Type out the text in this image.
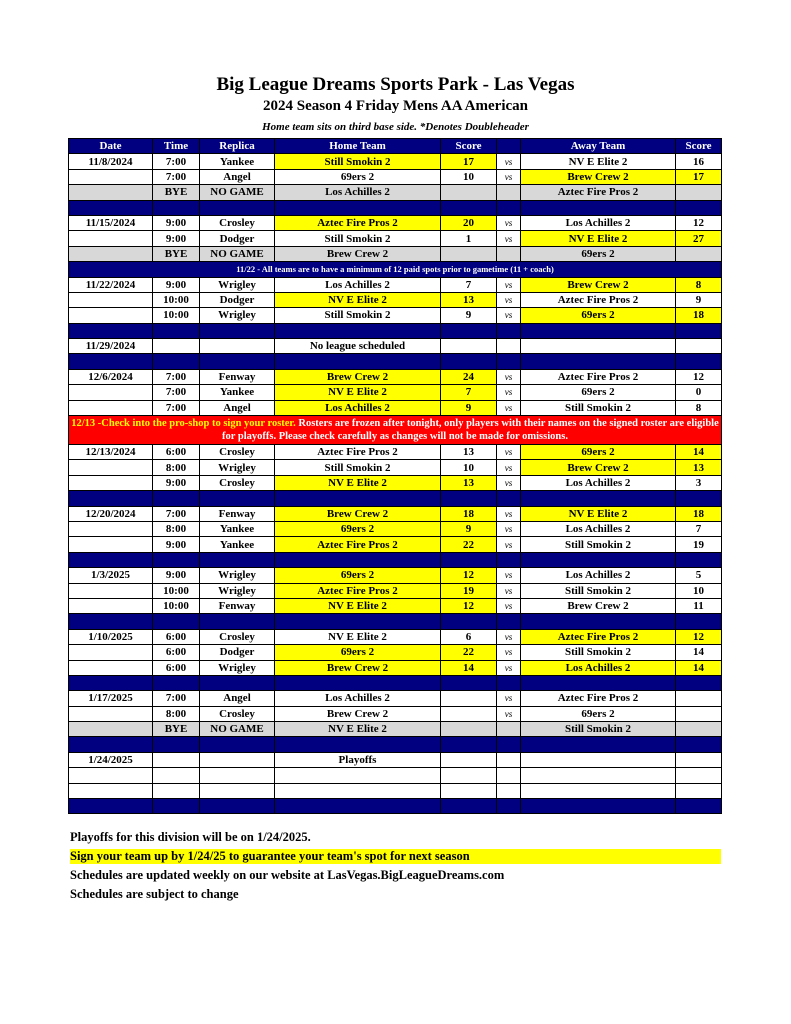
Big League Dreams Sports Park - Las Vegas
2024 Season 4 Friday Mens AA American
Home team sits on third base side. *Denotes Doubleheader
Date	Time	Replica	Home Team	Score		Away Team	Score
11/8/2024	7:00	Yankee	Still Smokin 2	17	vs	NV E Elite 2	16
	7:00	Angel	69ers 2	10	vs	Brew Crew 2	17
	BYE	NO GAME	Los Achilles 2			Aztec Fire Pros 2	

11/15/2024	9:00	Crosley	Aztec Fire Pros 2	20	vs	Los Achilles 2	12
	9:00	Dodger	Still Smokin 2	1	vs	NV E Elite 2	27
	BYE	NO GAME	Brew Crew 2			69ers 2	
11/22 - All teams are to have a minimum of 12 paid spots prior to gametime (11 + coach)							
11/22/2024	9:00	Wrigley	Los Achilles 2	7	vs	Brew Crew 2	8
	10:00	Dodger	NV E Elite 2	13	vs	Aztec Fire Pros 2	9
	10:00	Wrigley	Still Smokin 2	9	vs	69ers 2	18

11/29/2024			No league scheduled				

12/6/2024	7:00	Fenway	Brew Crew 2	24	vs	Aztec Fire Pros 2	12
	7:00	Yankee	NV E Elite 2	7	vs	69ers 2	0
	7:00	Angel	Los Achilles 2	9	vs	Still Smokin 2	8
12/13 -Check into the pro-shop to sign your roster. Rosters are frozen after tonight, only players with their names on the signed roster are eligible for playoffs. Please check carefully as changes will not be made for omissions.							
12/13/2024	6:00	Crosley	Aztec Fire Pros 2	13	vs	69ers 2	14
	8:00	Wrigley	Still Smokin 2	10	vs	Brew Crew 2	13
	9:00	Crosley	NV E Elite 2	13	vs	Los Achilles 2	3

12/20/2024	7:00	Fenway	Brew Crew 2	18	vs	NV E Elite 2	18
	8:00	Yankee	69ers 2	9	vs	Los Achilles 2	7
	9:00	Yankee	Aztec Fire Pros 2	22	vs	Still Smokin 2	19

1/3/2025	9:00	Wrigley	69ers 2	12	vs	Los Achilles 2	5
	10:00	Wrigley	Aztec Fire Pros 2	19	vs	Still Smokin 2	10
	10:00	Fenway	NV E Elite 2	12	vs	Brew Crew 2	11

1/10/2025	6:00	Crosley	NV E Elite 2	6	vs	Aztec Fire Pros 2	12
	6:00	Dodger	69ers 2	22	vs	Still Smokin 2	14
	6:00	Wrigley	Brew Crew 2	14	vs	Los Achilles 2	14

1/17/2025	7:00	Angel	Los Achilles 2		vs	Aztec Fire Pros 2	
	8:00	Crosley	Brew Crew 2		vs	69ers 2	
	BYE	NO GAME	NV E Elite 2			Still Smokin 2	

1/24/2025			Playoffs				

Playoffs for this division will be on 1/24/2025.
Sign your team up by 1/24/25 to guarantee your team's spot for next season
Schedules are updated weekly on our website at LasVegas.BigLeagueDreams.com
Schedules are subject to change
